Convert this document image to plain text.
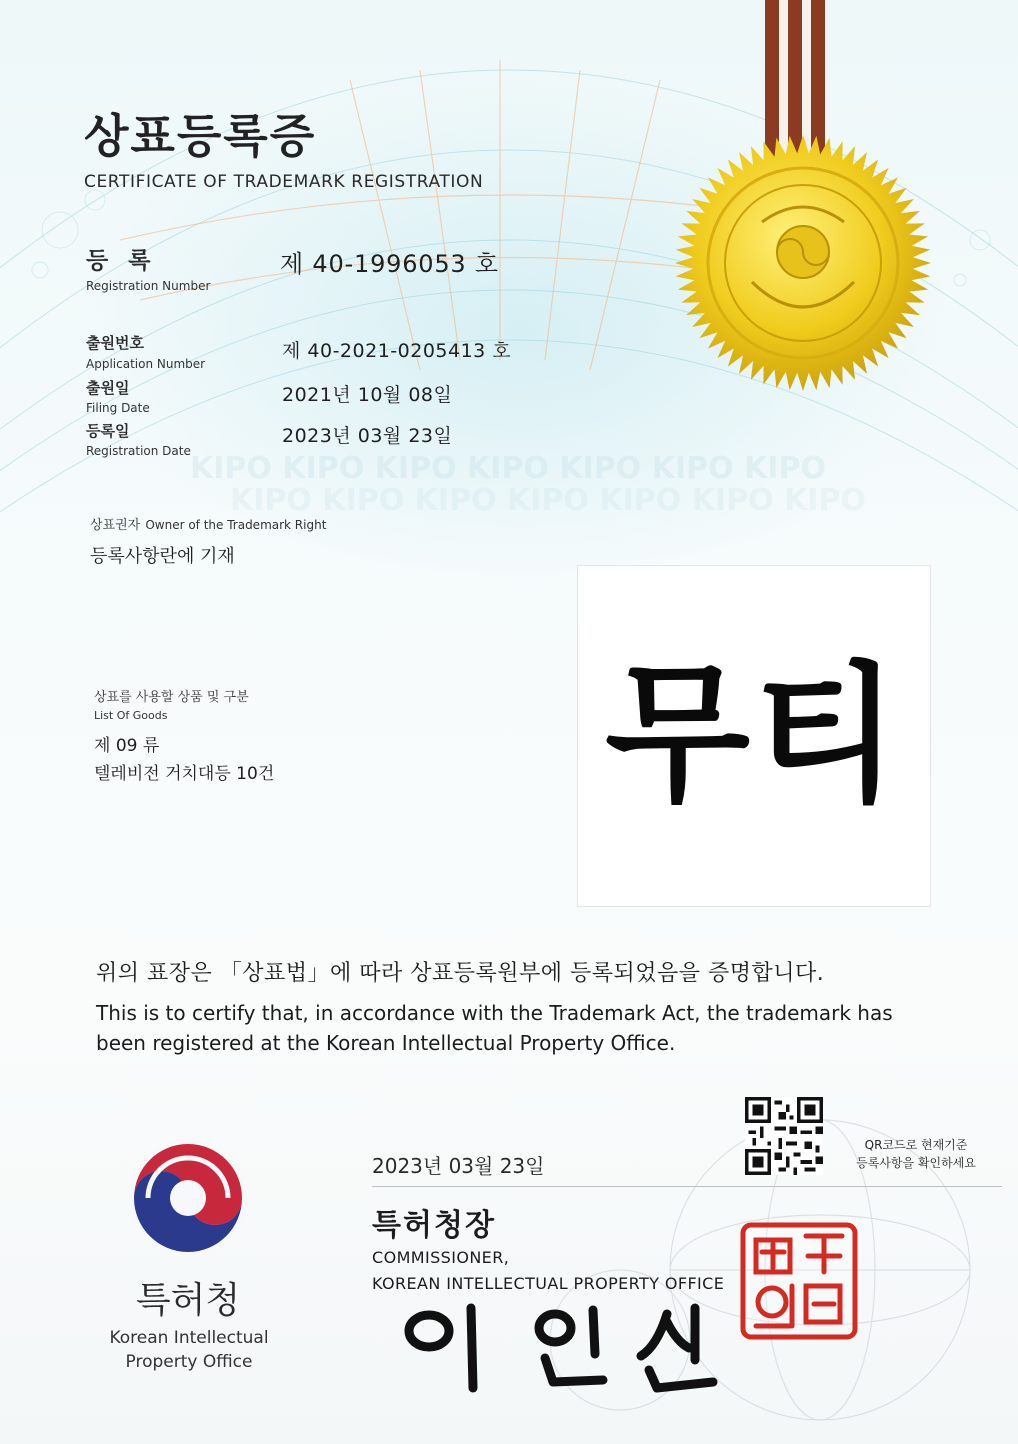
KIPO KIPO KIPO KIPO KIPO KIPO KIPO
KIPO KIPO KIPO KIPO KIPO KIPO KIPO
상표등록증
CERTIFICATE OF TRADEMARK REGISTRATION
등 록
Registration Number
제 40-1996053 호
출원번호
Application Number
제 40-2021-0205413 호
출원일
Filing Date
2021년 10월 08일
등록일
Registration Date
2023년 03월 23일
상표권자 Owner of the Trademark Right
등록사항란에 기재
상표를 사용할 상품 및 구분
List Of Goods
제 09 류
텔레비전 거치대등 10건 무티
위의 표장은 「상표법」에 따라 상표등록원부에 등록되었음을 증명합니다.
This is to certify that, in accordance with the Trademark Act, the trademark has been registered at the Korean Intellectual Property Office.
특허청
Korean Intellectual Property Office
2023년 03월 23일
특허청장
COMMISSIONER,
KOREAN INTELLECTUAL PROPERTY OFFICE
QR코드로 현재기준
등록사항을 확인하세요
